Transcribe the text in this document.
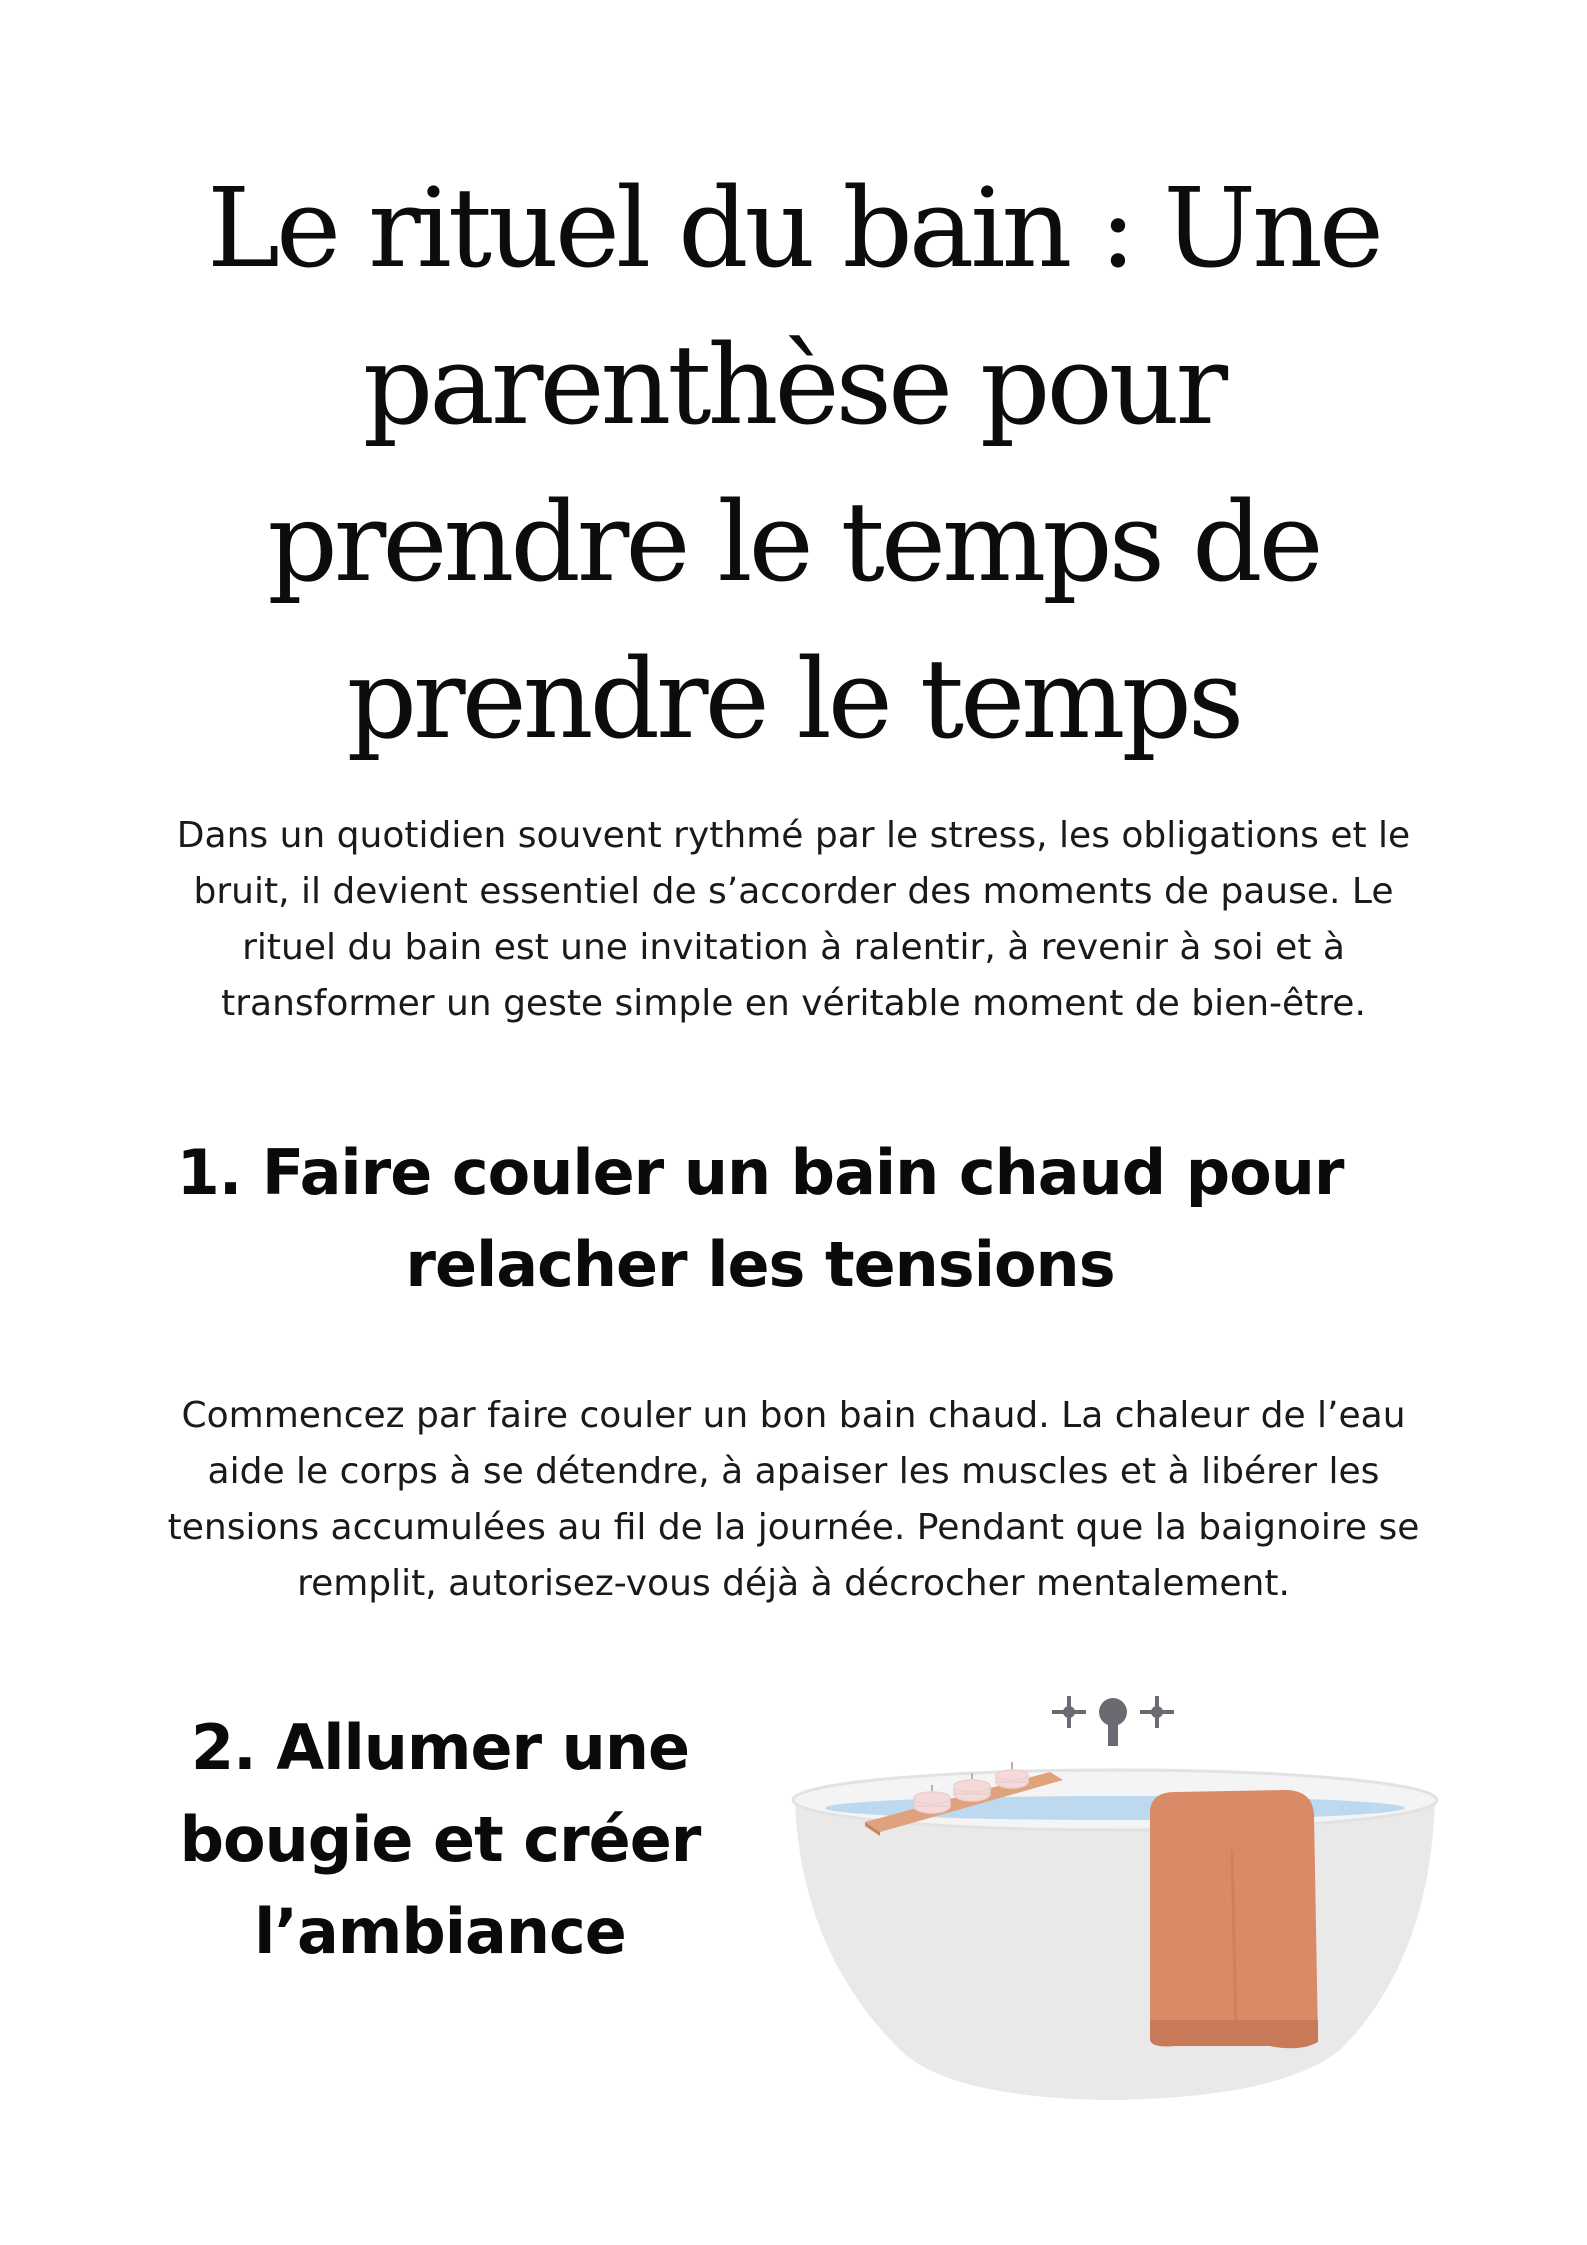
Le rituel du bain : Une parenthèse pour prendre le temps de prendre le temps

Dans un quotidien souvent rythmé par le stress, les obligations et le bruit, il devient essentiel de s’accorder des moments de pause. Le rituel du bain est une invitation à ralentir, à revenir à soi et à transformer un geste simple en véritable moment de bien-être.

1. Faire couler un bain chaud pour relacher les tensions

Commencez par faire couler un bon bain chaud. La chaleur de l’eau aide le corps à se détendre, à apaiser les muscles et à libérer les tensions accumulées au fil de la journée. Pendant que la baignoire se remplit, autorisez-vous déjà à décrocher mentalement.

2. Allumer une bougie et créer l’ambiance
